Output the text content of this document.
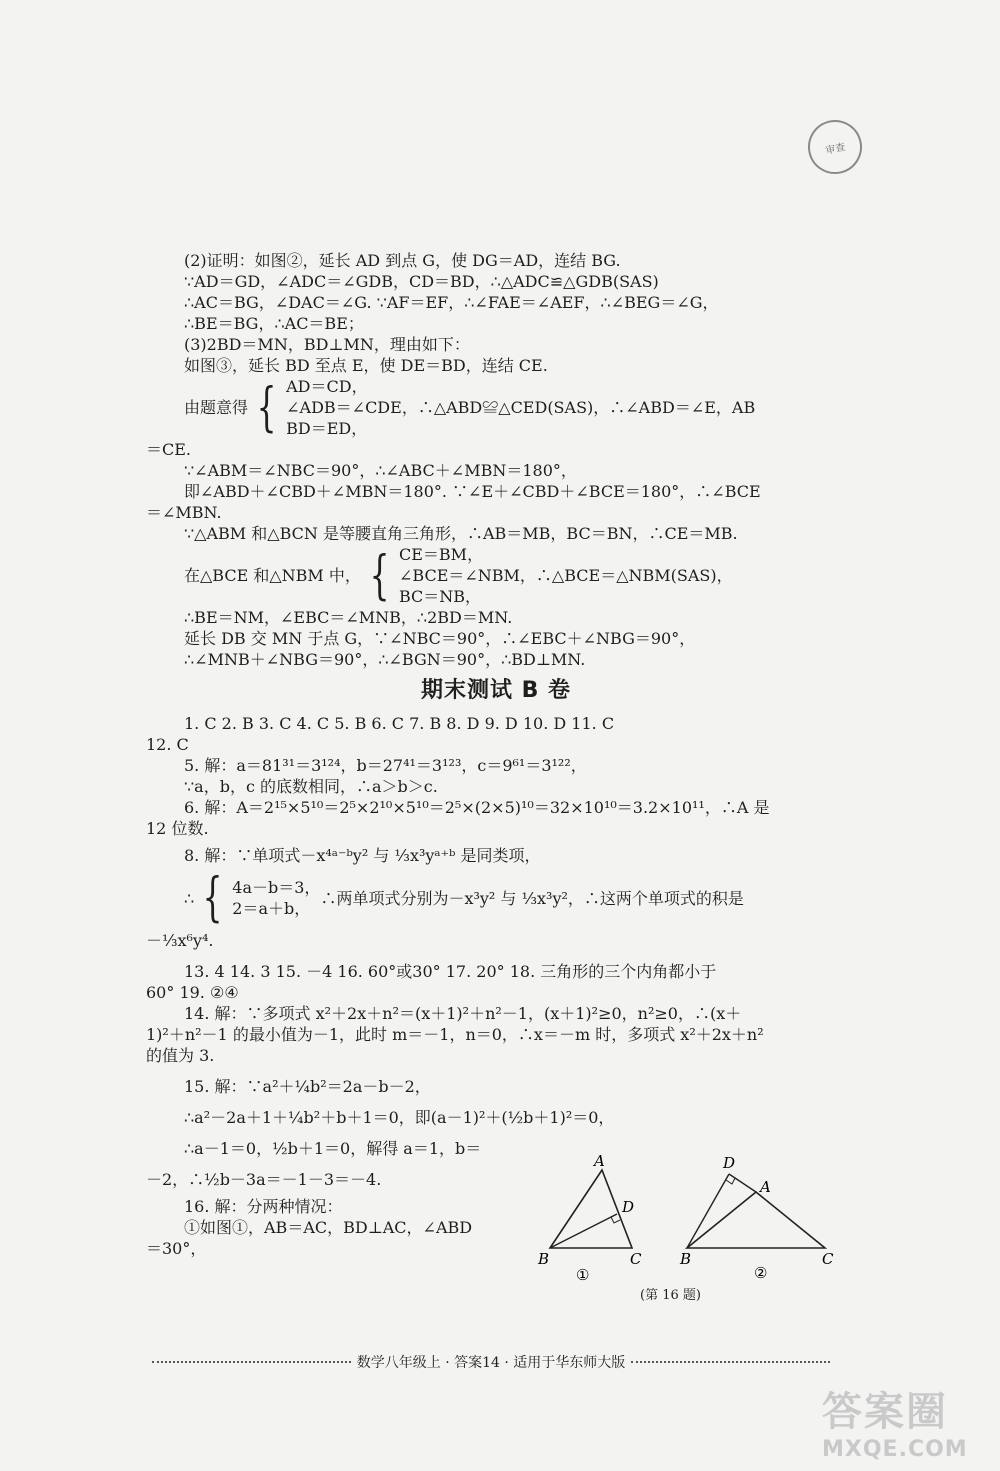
审查
(2)证明：如图②，延长 AD 到点 G，使 DG＝AD，连结 BG.
∵AD＝GD，∠ADC＝∠GDB，CD＝BD，∴△ADC≌△GDB(SAS)
∴AC＝BG，∠DAC＝∠G. ∵AF＝EF，∴∠FAE＝∠AEF，∴∠BEG＝∠G，
∴BE＝BG，∴AC＝BE；
(3)2BD＝MN，BD⊥MN，理由如下：
如图③，延长 BD 至点 E，使 DE＝BD，连结 CE.
由题意得 { AD＝CD，
∠ADB＝∠CDE，∴△ABD≌△CED(SAS)，∴∠ABD＝∠E，AB
BD＝ED，
＝CE.
∵∠ABM＝∠NBC＝90°，∴∠ABC＋∠MBN＝180°，
即∠ABD＋∠CBD＋∠MBN＝180°. ∵∠E＋∠CBD＋∠BCE＝180°，∴∠BCE
＝∠MBN.
∵△ABM 和△BCN 是等腰直角三角形，∴AB＝MB，BC＝BN，∴CE＝MB.
在△BCE 和△NBM 中， { CE＝BM，
∠BCE＝∠NBM，∴△BCE＝△NBM(SAS)，
BC＝NB，
∴BE＝NM，∠EBC＝∠MNB，∴2BD＝MN.
延长 DB 交 MN 于点 G，∵∠NBC＝90°，∴∠EBC＋∠NBG＝90°，
∴∠MNB＋∠NBG＝90°，∴∠BGN＝90°，∴BD⊥MN.
期末测试 B 卷
1. C 2. B 3. C 4. C 5. B 6. C 7. B 8. D 9. D 10. D 11. C
12. C
5. 解：a＝81³¹＝3¹²⁴，b＝27⁴¹＝3¹²³，c＝9⁶¹＝3¹²²，
∵a，b，c 的底数相同，∴a＞b＞c.
6. 解：A＝2¹⁵×5¹⁰＝2⁵×2¹⁰×5¹⁰＝2⁵×(2×5)¹⁰＝32×10¹⁰＝3.2×10¹¹，∴A 是
12 位数.
8. 解：∵单项式－x⁴ᵃ⁻ᵇy² 与 ⅓x³yᵃ⁺ᵇ 是同类项，
∴ { 4a－b＝3，
2＝a＋b，
∴两单项式分别为－x³y² 与 ⅓x³y²，∴这两个单项式的积是
－⅓x⁶y⁴.
13. 4 14. 3 15. －4 16. 60°或30° 17. 20° 18. 三角形的三个内角都小于
60° 19. ②④
14. 解：∵多项式 x²＋2x＋n²＝(x＋1)²＋n²－1，(x＋1)²≥0，n²≥0，∴(x＋
1)²＋n²－1 的最小值为－1，此时 m＝－1，n＝0，∴x＝－m 时，多项式 x²＋2x＋n²
的值为 3.
15. 解：∵a²＋¼b²＝2a－b－2，
∴a²－2a＋1＋¼b²＋b＋1＝0，即(a－1)²＋(½b＋1)²＝0，
∴a－1＝0，½b＋1＝0，解得 a＝1，b＝
－2，∴½b－3a＝－1－3＝－4.
16. 解：分两种情况：
①如图①，AB＝AC，BD⊥AC，∠ABD
＝30°，
A
B	C
D
①
D
A
B	C
②
(第 16 题)
数学八年级上 · 答案14 · 适用于华东师大版
答案圈
MXQE.COM
